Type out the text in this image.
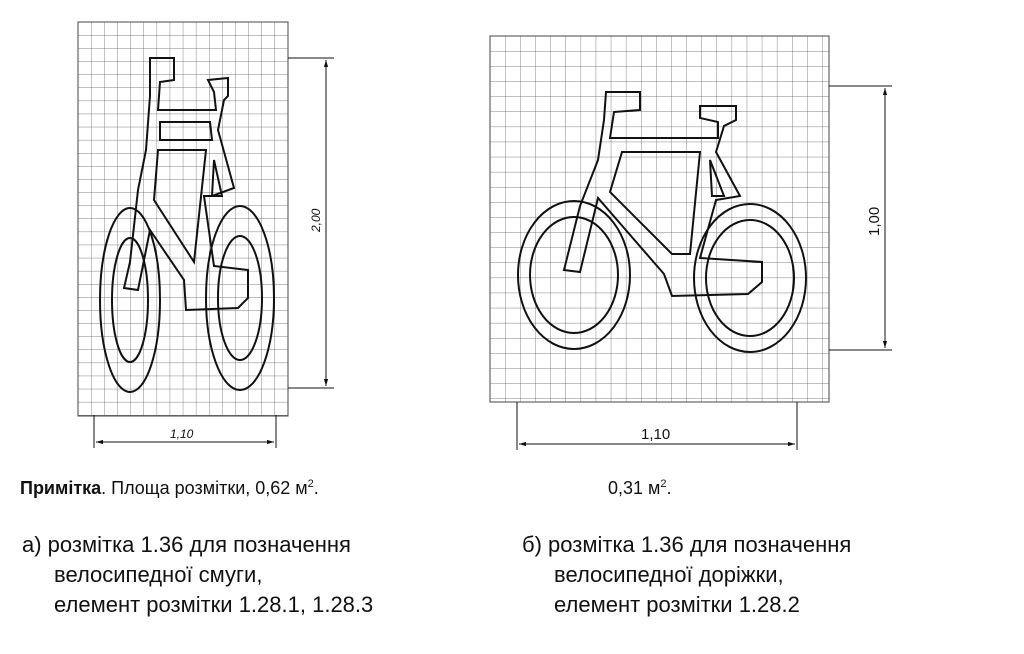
1,10
2,00
1,10
1,00
Примітка. Площа розмітки, 0,62 $м^2$.	0,31 $м^2$.
а) розмітка 1.36 для позначення
велосипедної смуги,
елемент розмітки 1.28.1, 1.28.3
б) розмітка 1.36 для позначення
велосипедної доріжки,
елемент розмітки 1.28.2
